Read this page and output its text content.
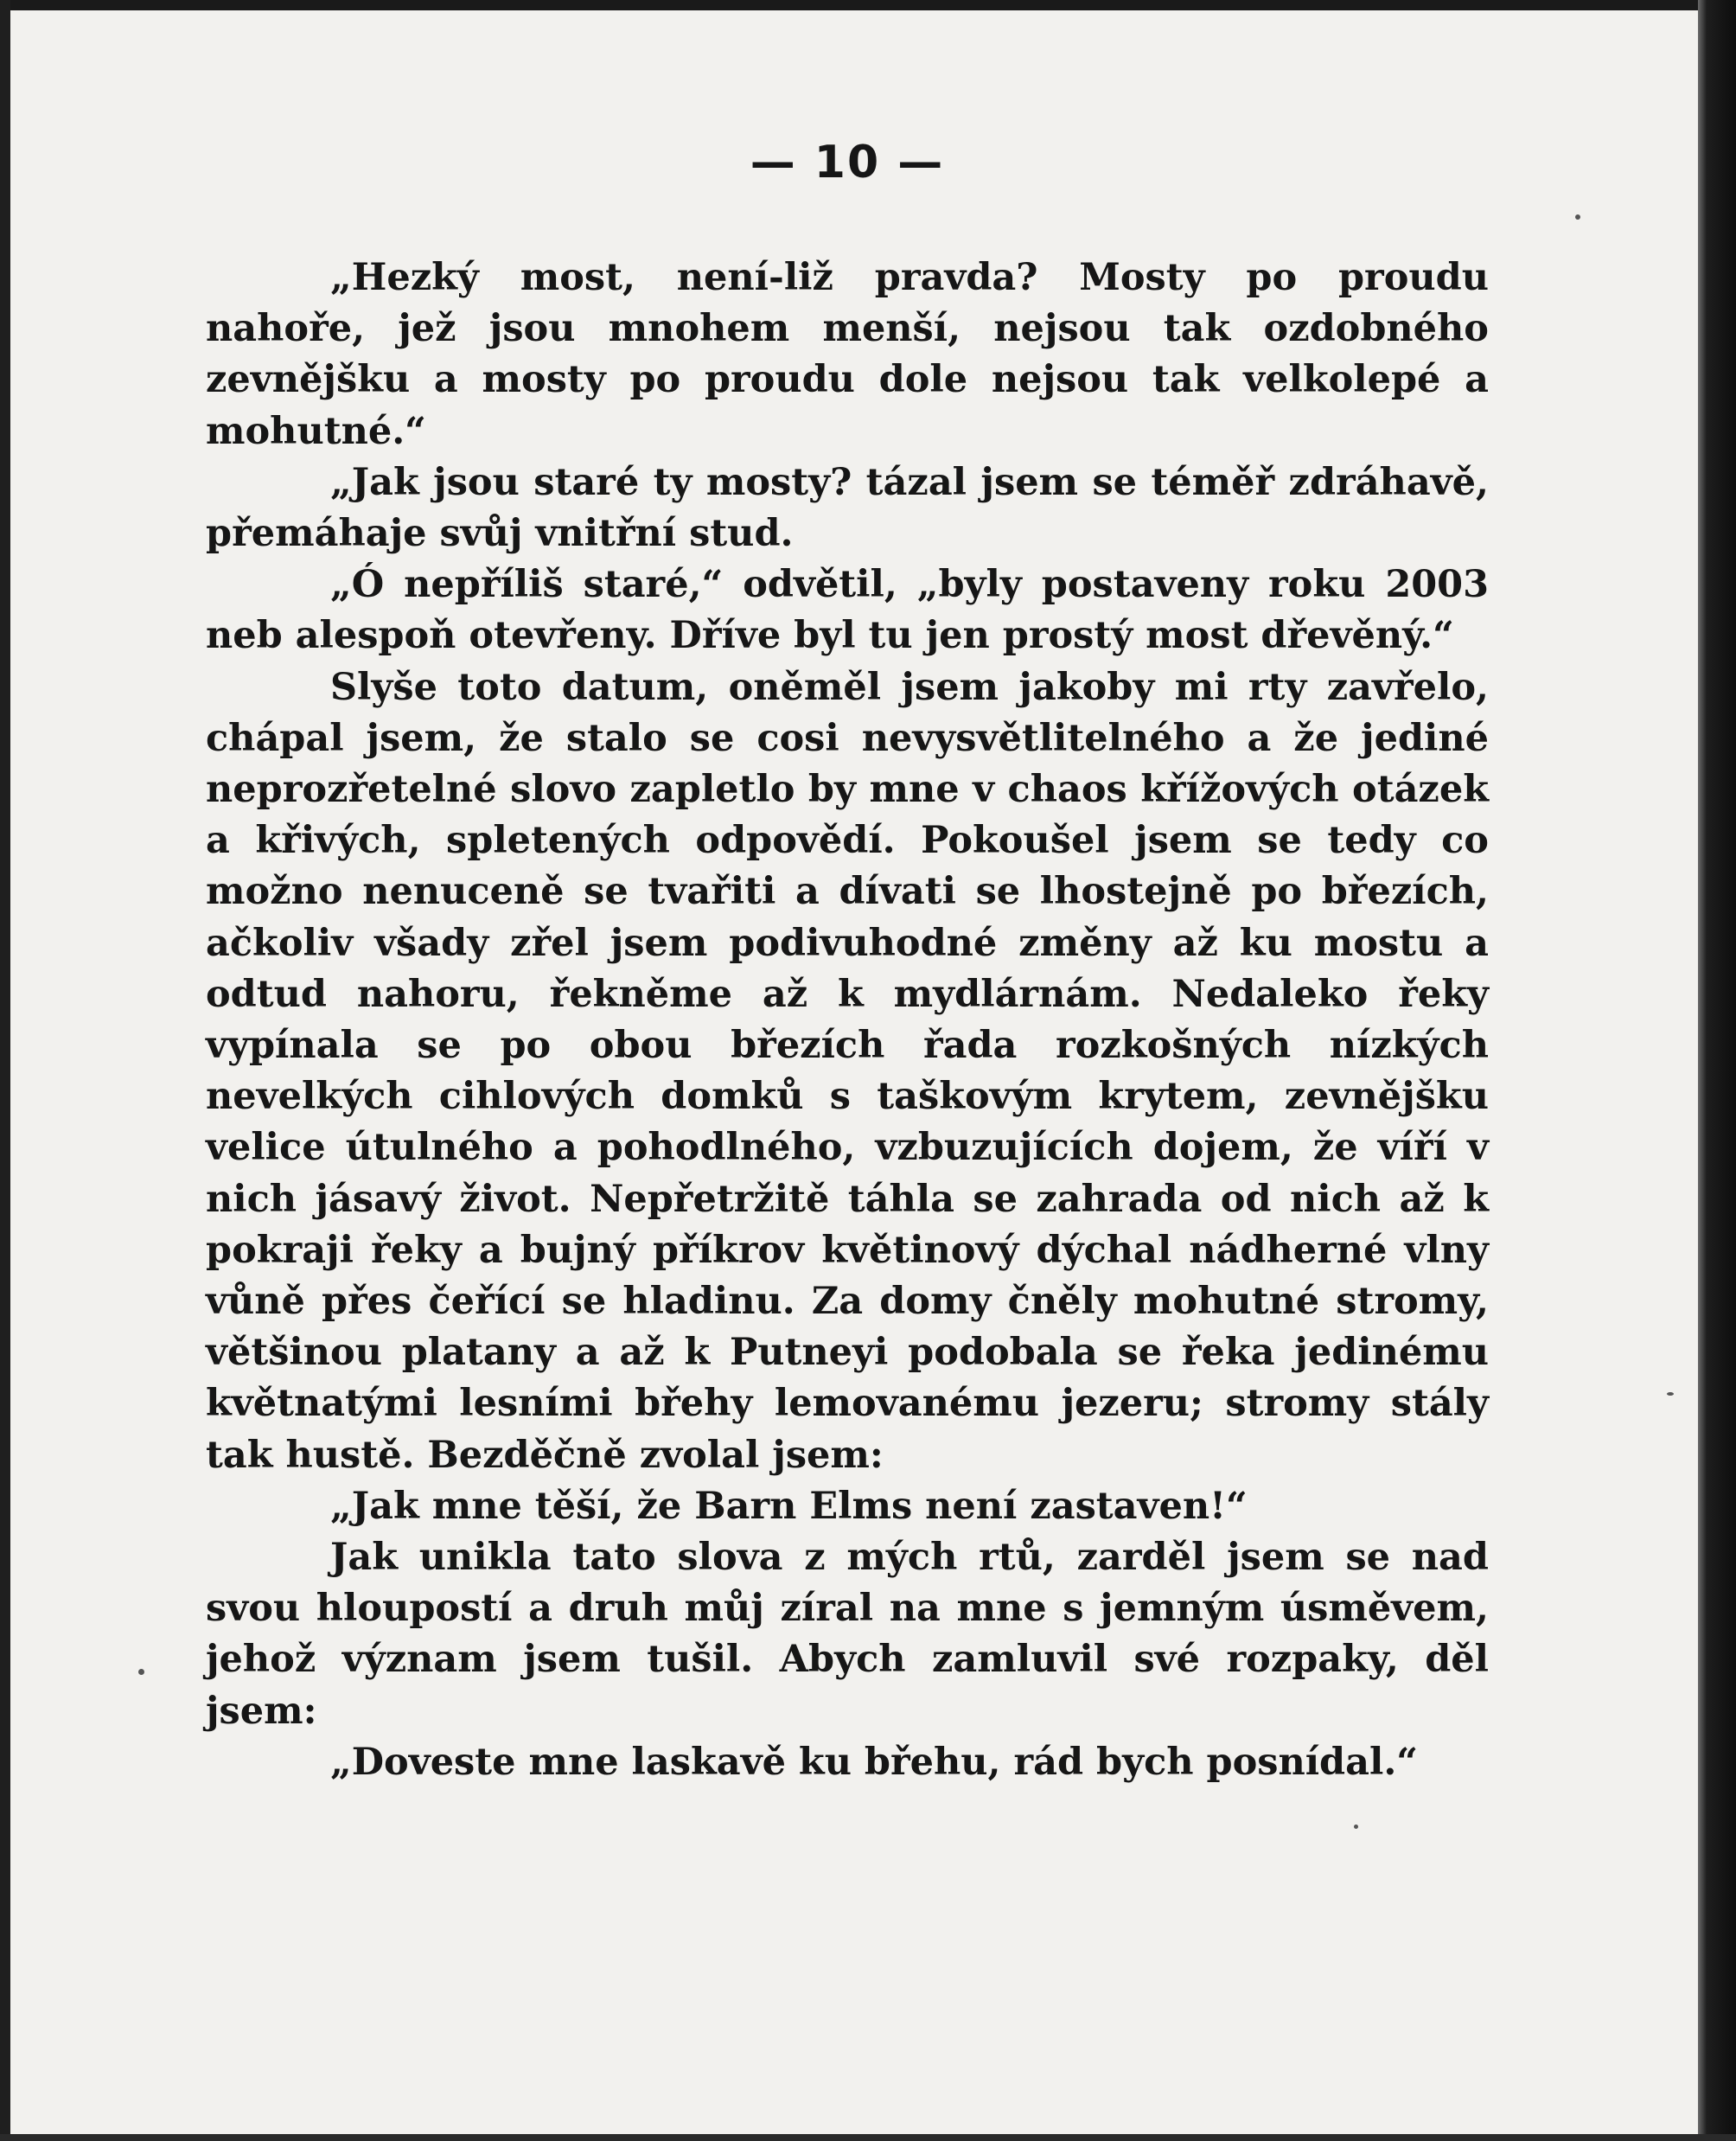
— 10 —

„Hezký most, není-liž pravda? Mosty po proudu nahoře, jež jsou mnohem menší, nejsou tak ozdobného zevnějšku a mosty po proudu dole nejsou tak velkolepé a mohutné.“

„Jak jsou staré ty mosty? tázal jsem se téměř zdráhavě, přemáhaje svůj vnitřní stud.

„Ó nepříliš staré,“ odvětil, „byly postaveny roku 2003 neb alespoň otevřeny. Dříve byl tu jen prostý most dřevěný.“

Slyše toto datum, oněměl jsem jakoby mi rty zavřelo, chápal jsem, že stalo se cosi nevysvětlitelného a že jediné neprozřetelné slovo zapletlo by mne v chaos křížových otázek a křivých, spletených odpovědí. Pokoušel jsem se tedy co možno nenuceně se tvařiti a dívati se lhostejně po březích, ačkoliv všady zřel jsem podivuhodné změny až ku mostu a odtud nahoru, řekněme až k mydlárnám. Nedaleko řeky vypínala se po obou březích řada rozkošných nízkých nevelkých cihlových domků s taškovým krytem, zevnějšku velice útulného a pohodlného, vzbuzujících dojem, že víří v nich jásavý život. Nepřetržitě táhla se zahrada od nich až k pokraji řeky a bujný příkrov květinový dýchal nádherné vlny vůně přes čeřící se hladinu. Za domy čněly mohutné stromy, většinou platany a až k Putneyi podobala se řeka jedinému květnatými lesními břehy lemovanému jezeru; stromy stály tak hustě. Bezděčně zvolal jsem:

„Jak mne těší, že Barn Elms není zastaven!“

Jak unikla tato slova z mých rtů, zarděl jsem se nad svou hloupostí a druh můj zíral na mne s jemným úsměvem, jehož význam jsem tušil. Abych zamluvil své rozpaky, děl jsem:

„Doveste mne laskavě ku břehu, rád bych posnídal.“
